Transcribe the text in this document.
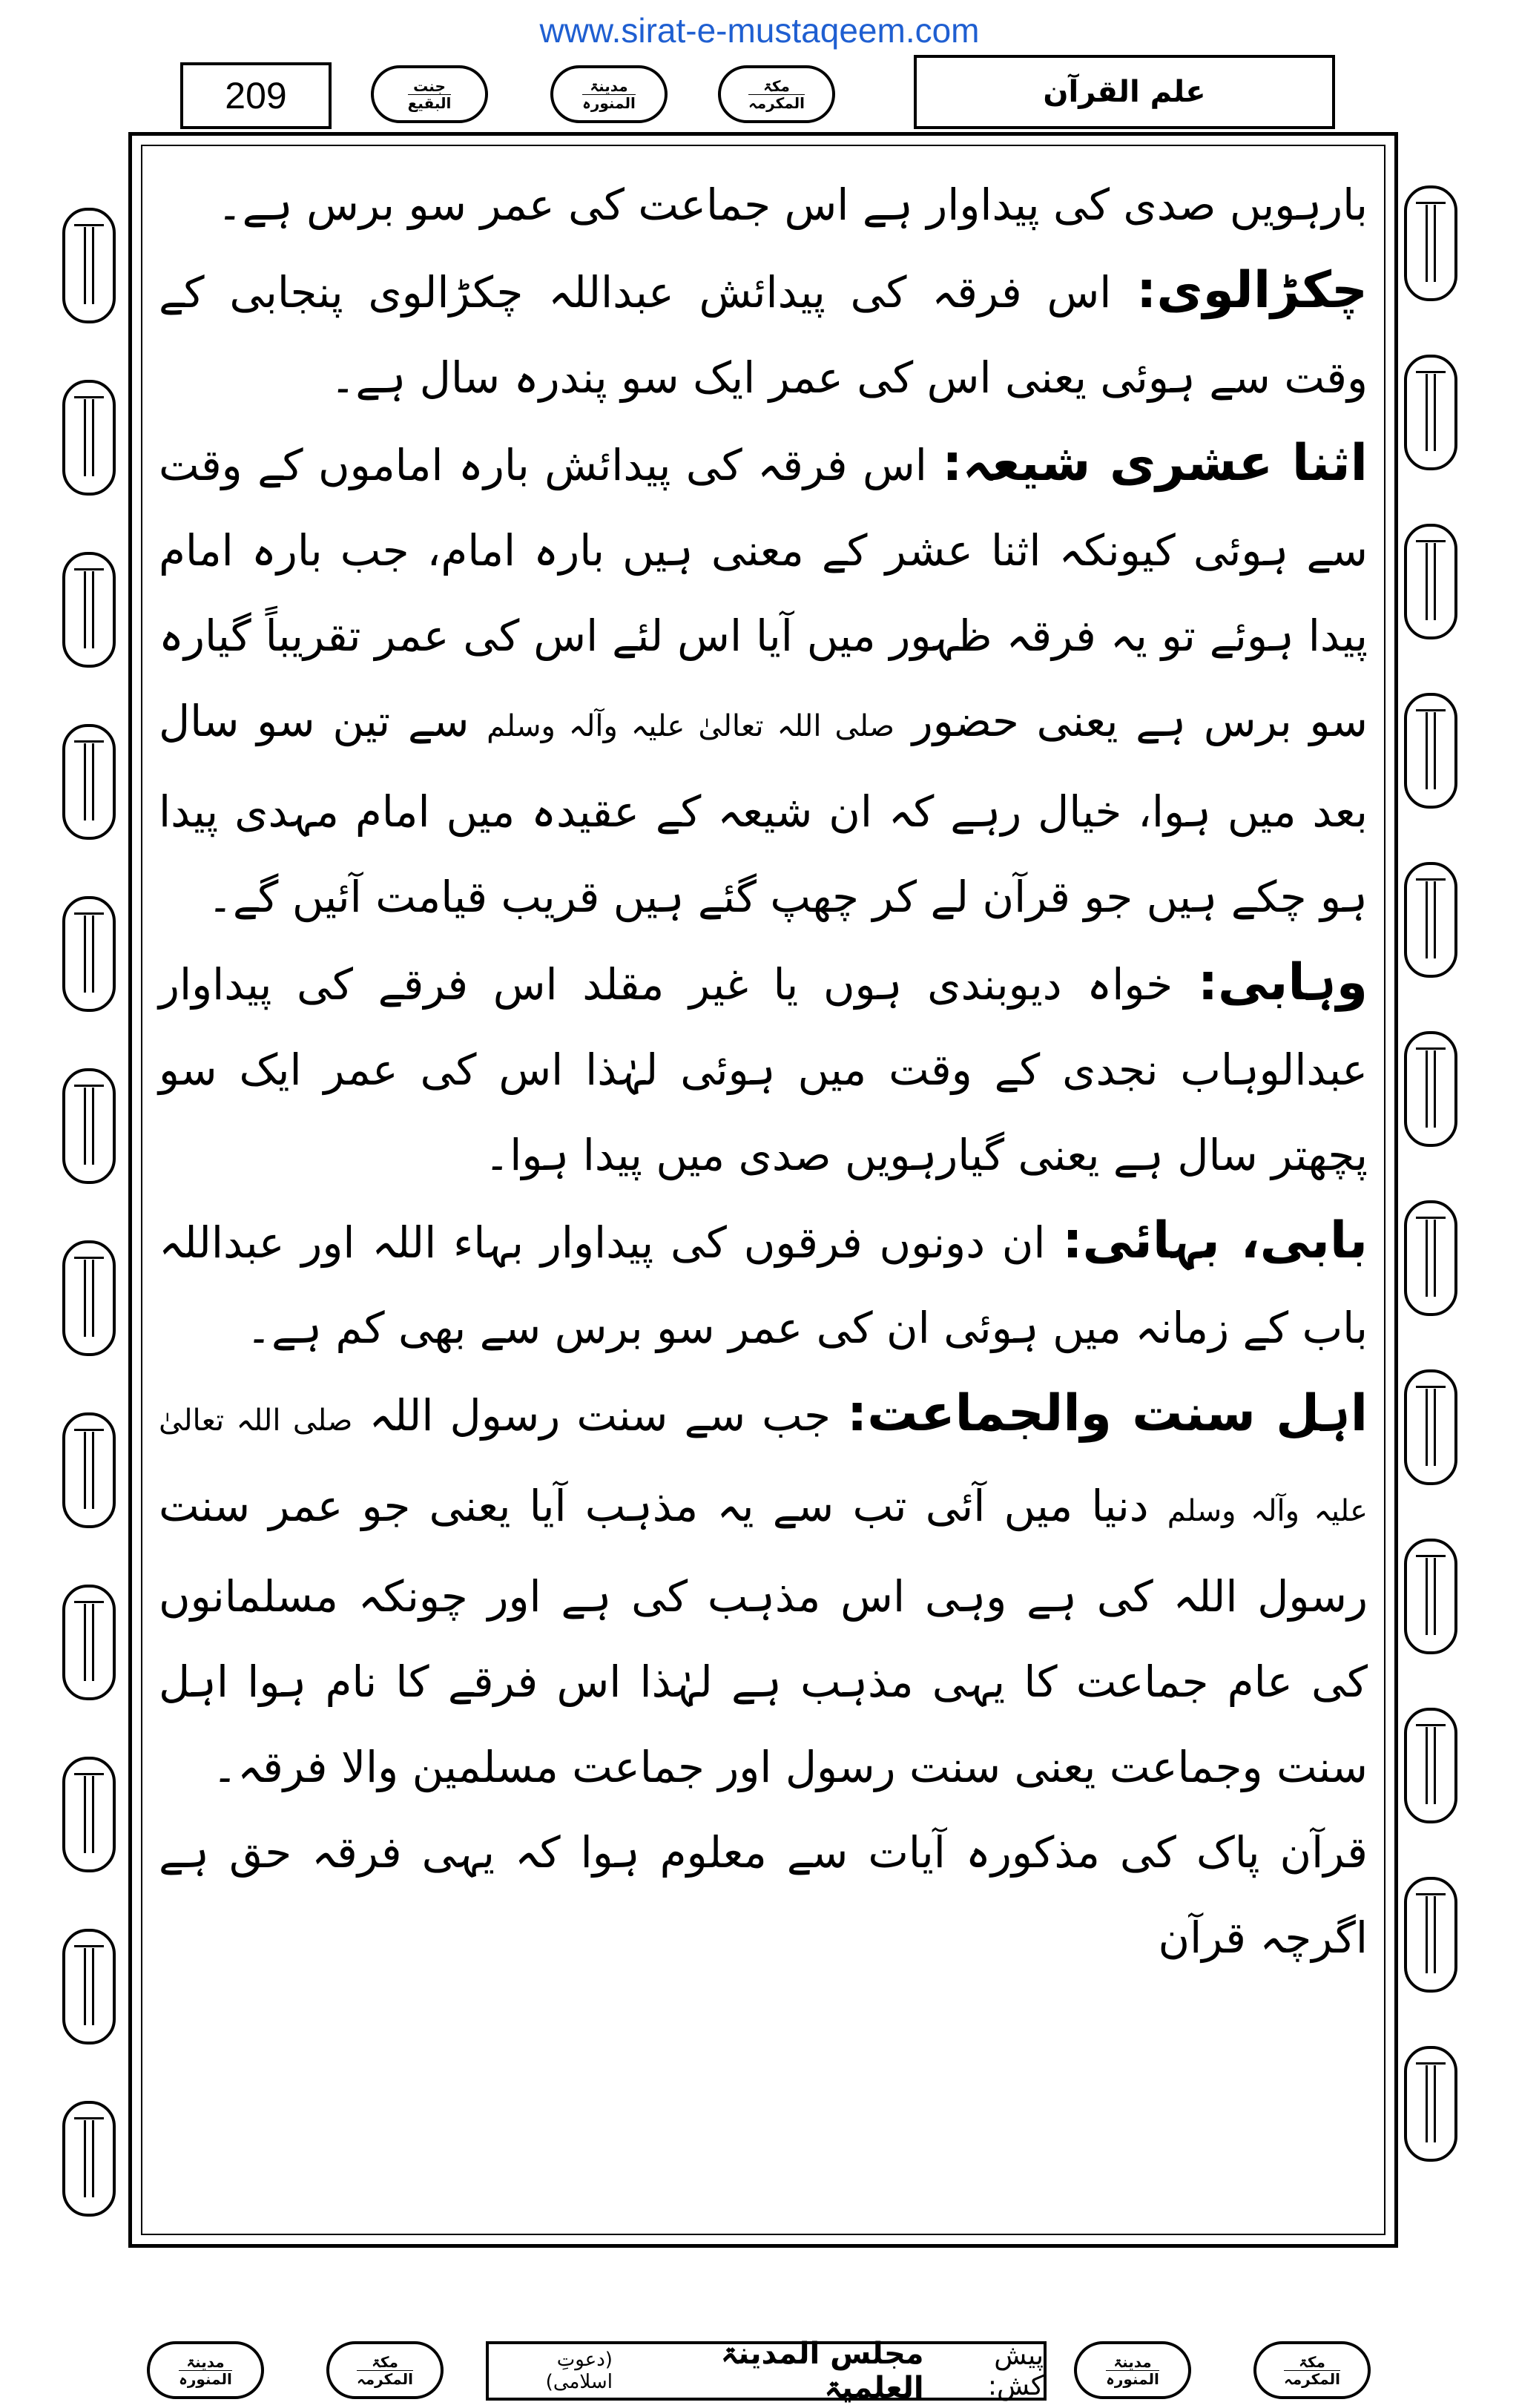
www.sirat-e-mustaqeem.com
209	جنت
البقیع
مدینۃ
المنورہ
مکۃ
المکرمہ	علم القرآن

بارہویں صدی کی پیداوار ہے اس جماعت کی عمر سو برس ہے۔

چکڑالوی: اس فرقہ کی پیدائش عبداللہ چکڑالوی پنجابی کے وقت سے ہوئی یعنی اس کی عمر ایک سو پندرہ سال ہے۔

اثنا عشری شیعہ: اس فرقہ کی پیدائش بارہ اماموں کے وقت سے ہوئی کیونکہ اثنا عشر کے معنی ہیں بارہ امام، جب بارہ امام پیدا ہوئے تو یہ فرقہ ظہور میں آیا اس لئے اس کی عمر تقریباً گیارہ سو برس ہے یعنی حضور صلی اللہ تعالیٰ علیہ وآلہ وسلم سے تین سو سال بعد میں ہوا، خیال رہے کہ ان شیعہ کے عقیدہ میں امام مہدی پیدا ہو چکے ہیں جو قرآن لے کر چھپ گئے ہیں قریب قیامت آئیں گے۔

وہابی: خواہ دیوبندی ہوں یا غیر مقلد اس فرقے کی پیداوار عبدالوہاب نجدی کے وقت میں ہوئی لہٰذا اس کی عمر ایک سو پچھتر سال ہے یعنی گیارہویں صدی میں پیدا ہوا۔

بابی، بہائی: ان دونوں فرقوں کی پیداوار بہاء اللہ اور عبداللہ باب کے زمانہ میں ہوئی ان کی عمر سو برس سے بھی کم ہے۔

اہل سنت والجماعت: جب سے سنت رسول اللہ صلی اللہ تعالیٰ علیہ وآلہ وسلم دنیا میں آئی تب سے یہ مذہب آیا یعنی جو عمر سنت رسول اللہ کی ہے وہی اس مذہب کی ہے اور چونکہ مسلمانوں کی عام جماعت کا یہی مذہب ہے لہٰذا اس فرقے کا نام ہوا اہل سنت وجماعت یعنی سنت رسول اور جماعت مسلمین والا فرقہ۔

قرآن پاک کی مذکورہ آیات سے معلوم ہوا کہ یہی فرقہ حق ہے اگرچہ قرآن

مدینۃ
المنورہ
مکۃ
المکرمہ
پیش کش:
مجلس المدینۃ العلمیۃ
(دعوتِ اسلامی)
مدینۃ
المنورہ
مکۃ
المکرمہ
